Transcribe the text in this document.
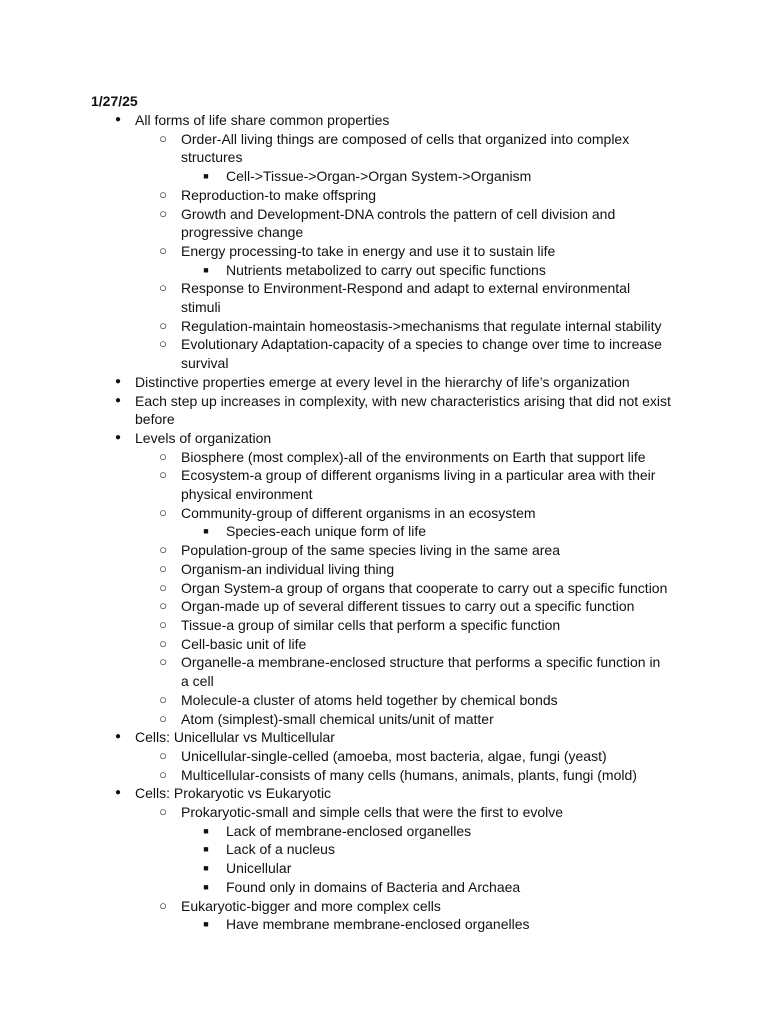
1/27/25
● All forms of life share common properties
○ Order-All living things are composed of cells that organized into complex structures
■	Cell->Tissue->Organ->Organ System->Organism
○ Reproduction-to make offspring
○ Growth and Development-DNA controls the pattern of cell division and progressive change
○ Energy processing-to take in energy and use it to sustain life
■	Nutrients metabolized to carry out specific functions
○ Response to Environment-Respond and adapt to external environmental stimuli
○ Regulation-maintain homeostasis->mechanisms that regulate internal stability
○ Evolutionary Adaptation-capacity of a species to change over time to increase survival
● Distinctive properties emerge at every level in the hierarchy of life’s organization
● Each step up increases in complexity, with new characteristics arising that did not exist before
● Levels of organization
○ Biosphere (most complex)-all of the environments on Earth that support life
○ Ecosystem-a group of different organisms living in a particular area with their physical environment
○ Community-group of different organisms in an ecosystem
■	Species-each unique form of life
○ Population-group of the same species living in the same area
○ Organism-an individual living thing
○ Organ System-a group of organs that cooperate to carry out a specific function
○ Organ-made up of several different tissues to carry out a specific function
○ Tissue-a group of similar cells that perform a specific function
○ Cell-basic unit of life
○ Organelle-a membrane-enclosed structure that performs a specific function in a cell
○ Molecule-a cluster of atoms held together by chemical bonds
○ Atom (simplest)-small chemical units/unit of matter
● Cells: Unicellular vs Multicellular
○ Unicellular-single-celled (amoeba, most bacteria, algae, fungi (yeast)
○ Multicellular-consists of many cells (humans, animals, plants, fungi (mold)
● Cells: Prokaryotic vs Eukaryotic
○ Prokaryotic-small and simple cells that were the first to evolve
■	Lack of membrane-enclosed organelles
■	Lack of a nucleus
■	Unicellular
■	Found only in domains of Bacteria and Archaea
○ Eukaryotic-bigger and more complex cells
■	Have membrane membrane-enclosed organelles
